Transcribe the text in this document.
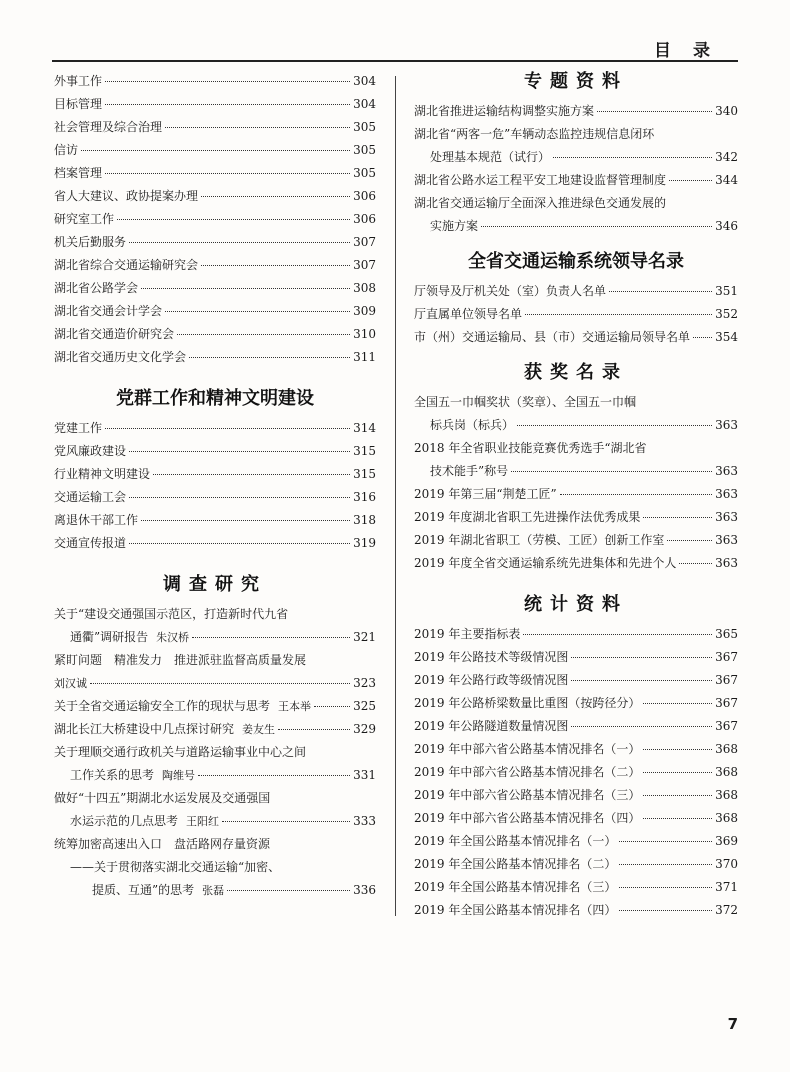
目录
外事工作	304
目标管理	304
社会管理及综合治理	305
信访	305
档案管理	305
省人大建议、政协提案办理	306
研究室工作	306
机关后勤服务	307
湖北省综合交通运输研究会	307
湖北省公路学会	308
湖北省交通会计学会	309
湖北省交通造价研究会	310
湖北省交通历史文化学会	311
党群工作和精神文明建设
党建工作	314
党风廉政建设	315
行业精神文明建设	315
交通运输工会	316
离退休干部工作	318
交通宣传报道	319
调查研究
关于“建设交通强国示范区，打造新时代九省
通衢”调研报告 朱汉桥	321
紧盯问题　精准发力　推进派驻监督高质量发展
刘汉诚	323
关于全省交通运输安全工作的现状与思考 王本举	325
湖北长江大桥建设中几点探讨研究 姜友生	329
关于理顺交通行政机关与道路运输事业中心之间
工作关系的思考 陶维号	331
做好“十四五”期湖北水运发展及交通强国
水运示范的几点思考 王阳红	333
统筹加密高速出入口　盘活路网存量资源
——关于贯彻落实湖北交通运输“加密、
提质、互通”的思考 张磊	336
专题资料
湖北省推进运输结构调整实施方案	340
湖北省“两客一危”车辆动态监控违规信息闭环
处理基本规范（试行）	342
湖北省公路水运工程平安工地建设监督管理制度	344
湖北省交通运输厅全面深入推进绿色交通发展的
实施方案	346
全省交通运输系统领导名录
厅领导及厅机关处（室）负责人名单	351
厅直属单位领导名单	352
市（州）交通运输局、县（市）交通运输局领导名单 354
获奖名录
全国五一巾帼奖状（奖章）、全国五一巾帼
标兵岗（标兵）	363
2018 年全省职业技能竞赛优秀选手“湖北省
技术能手”称号	363
2019 年第三届“荆楚工匠”	363
2019 年度湖北省职工先进操作法优秀成果	363
2019 年湖北省职工（劳模、工匠）创新工作室	363
2019 年度全省交通运输系统先进集体和先进个人	363
统计资料
2019 年主要指标表	365
2019 年公路技术等级情况图	367
2019 年公路行政等级情况图	367
2019 年公路桥梁数量比重图（按跨径分）	367
2019 年公路隧道数量情况图	367
2019 年中部六省公路基本情况排名（一）	368
2019 年中部六省公路基本情况排名（二）	368
2019 年中部六省公路基本情况排名（三）	368
2019 年中部六省公路基本情况排名（四）	368
2019 年全国公路基本情况排名（一）	369
2019 年全国公路基本情况排名（二）	370
2019 年全国公路基本情况排名（三）	371
2019 年全国公路基本情况排名（四）	372
7
